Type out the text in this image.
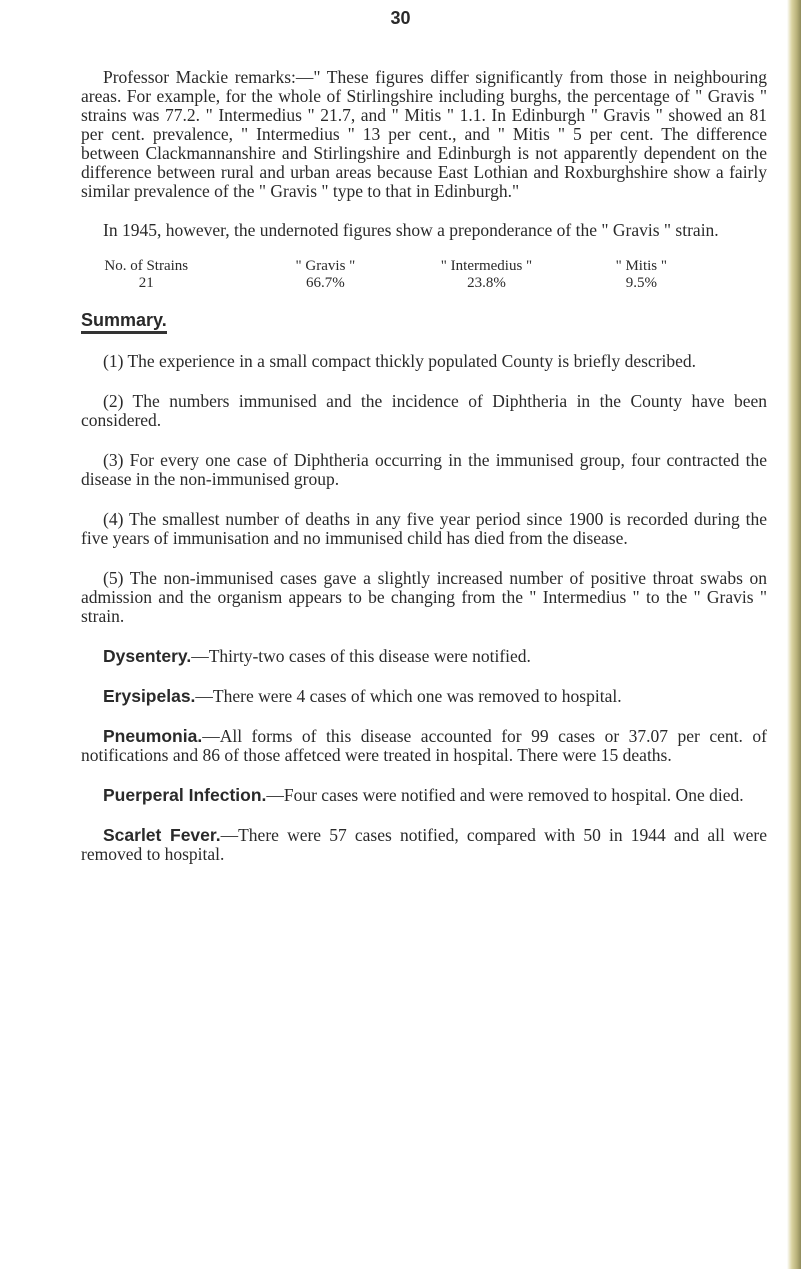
30

Professor Mackie remarks:—" These figures differ significantly from those in neighbouring areas. For example, for the whole of Stirlingshire including burghs, the percentage of " Gravis " strains was 77.2. " Intermedius " 21.7, and " Mitis " 1.1. In Edinburgh " Gravis " showed an 81 per cent. prevalence, " Intermedius " 13 per cent., and " Mitis " 5 per cent. The difference between Clackmannanshire and Stirlingshire and Edinburgh is not apparently dependent on the difference between rural and urban areas because East Lothian and Roxburghshire show a fairly similar prevalence of the " Gravis " type to that in Edinburgh."

In 1945, however, the undernoted figures show a preponderance of the " Gravis " strain.

No. of Strains	" Gravis "	" Intermedius "	" Mitis "
21	66.7%	23.8%	9.5%
Summary.

(1) The experience in a small compact thickly populated County is briefly described.

(2) The numbers immunised and the incidence of Diphtheria in the County have been considered.

(3) For every one case of Diphtheria occurring in the immunised group, four contracted the disease in the non-immunised group.

(4) The smallest number of deaths in any five year period since 1900 is recorded during the five years of immunisation and no immunised child has died from the disease.

(5) The non-immunised cases gave a slightly increased number of positive throat swabs on admission and the organism appears to be changing from the " Intermedius " to the " Gravis " strain.

Dysentery.—Thirty-two cases of this disease were notified.

Erysipelas.—There were 4 cases of which one was removed to hospital.

Pneumonia.—All forms of this disease accounted for 99 cases or 37.07 per cent. of notifications and 86 of those affetced were treated in hospital. There were 15 deaths.

Puerperal Infection.—Four cases were notified and were removed to hospital. One died.

Scarlet Fever.—There were 57 cases notified, compared with 50 in 1944 and all were removed to hospital.
